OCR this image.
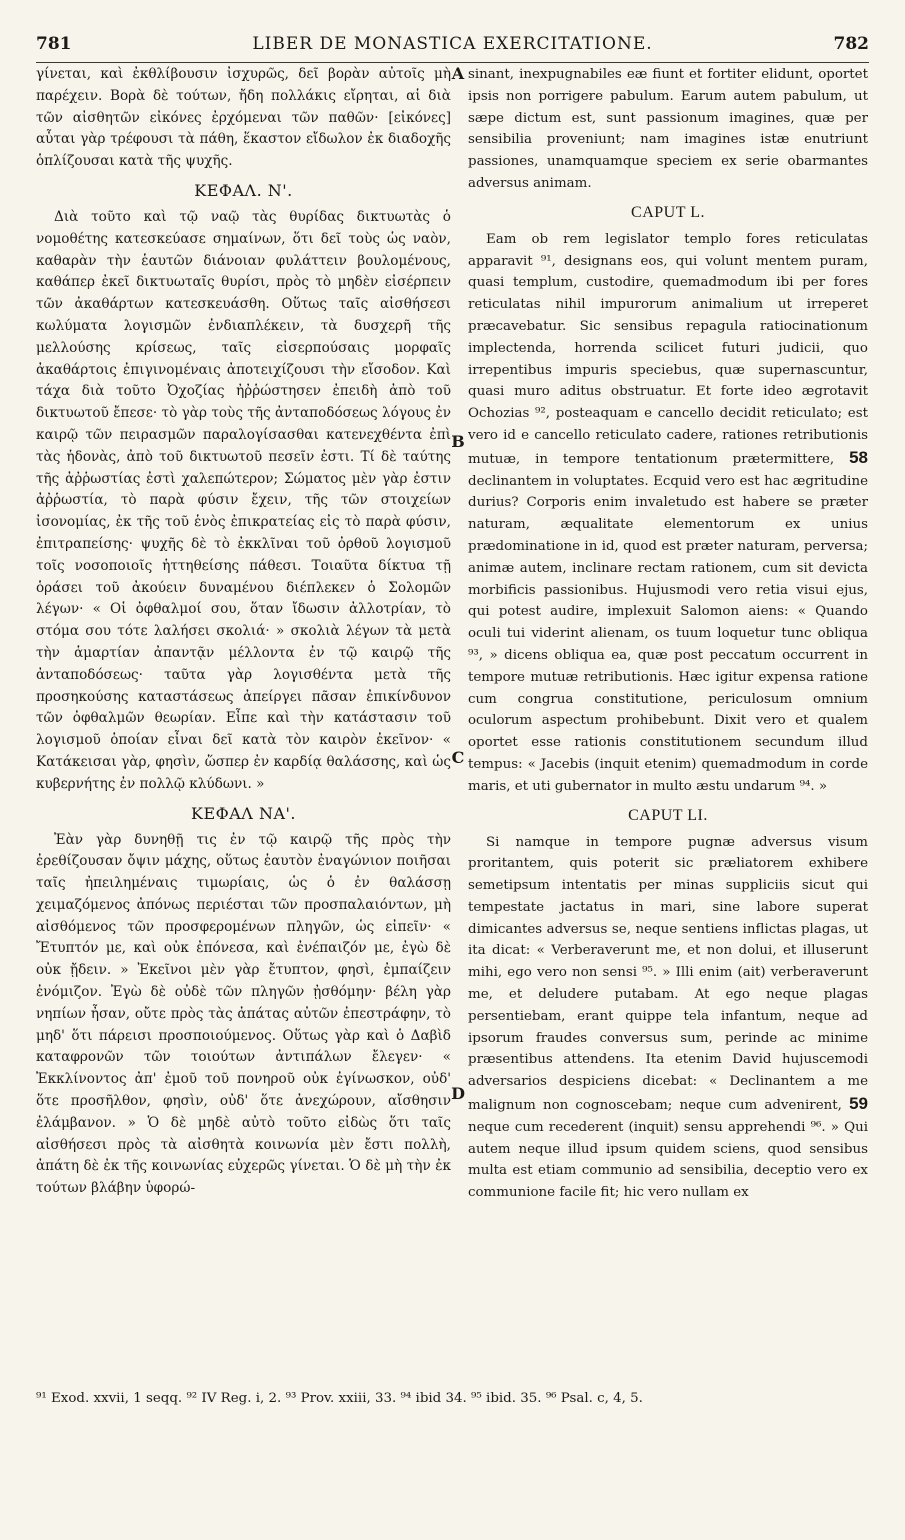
781	LIBER DE MONASTICA EXERCITATIONE.	782

γίνεται, καὶ ἐκθλίβουσιν ἰσχυρῶς, δεῖ βορὰν αὐτοῖς μὴ παρέχειν. Βορὰ δὲ τούτων, ἤδη πολλάκις εἴρηται, αἱ διὰ τῶν αἰσθητῶν εἰκόνες ἐρχόμεναι τῶν παθῶν· [εἰκόνες] αὗται γὰρ τρέφουσι τὰ πάθη, ἕκαστον εἴδωλον ἐκ διαδοχῆς ὁπλίζουσαι κατὰ τῆς ψυχῆς.

ΚΕΦΑΛ. Ν'.

Διὰ τοῦτο καὶ τῷ ναῷ τὰς θυρίδας δικτυωτὰς ὁ νομοθέτης κατεσκεύασε σημαίνων, ὅτι δεῖ τοὺς ὡς ναὸν, καθαρὰν τὴν ἑαυτῶν διάνοιαν φυλάττειν βουλομένους, καθάπερ ἐκεῖ δικτυωταῖς θυρίσι, πρὸς τὸ μηδὲν εἰσέρπειν τῶν ἀκαθάρτων κατεσκευάσθη. Οὕτως ταῖς αἰσθήσεσι κωλύματα λογισμῶν ἐνδιαπλέκειν, τὰ δυσχερῆ τῆς μελλούσης κρίσεως, ταῖς εἰσερπούσαις μορφαῖς ἀκαθάρτοις ἐπιγινομέναις ἀποτειχίζουσι τὴν εἴσοδον. Καὶ τάχα διὰ τοῦτο Ὀχοζίας ἠῤῥώστησεν ἐπειδὴ ἀπὸ τοῦ δικτυωτοῦ ἔπεσε· τὸ γὰρ τοὺς τῆς ἀνταποδόσεως λόγους ἐν καιρῷ τῶν πειρασμῶν παραλογίσασθαι κατενεχθέντα ἐπὶ τὰς ἡδονὰς, ἀπὸ τοῦ δικτυωτοῦ πεσεῖν ἐστι. Τί δὲ ταύτης τῆς ἀῤῥωστίας ἐστὶ χαλεπώτερον; Σώματος μὲν γὰρ ἐστιν ἀῤῥωστία, τὸ παρὰ φύσιν ἔχειν, τῆς τῶν στοιχείων ἰσονομίας, ἐκ τῆς τοῦ ἑνὸς ἐπικρατείας εἰς τὸ παρὰ φύσιν, ἐπιτραπείσης· ψυχῆς δὲ τὸ ἐκκλῖναι τοῦ ὀρθοῦ λογισμοῦ τοῖς νοσοποιοῖς ἡττηθείσης πάθεσι. Τοιαῦτα δίκτυα τῇ ὁράσει τοῦ ἀκούειν δυναμένου διέπλεκεν ὁ Σολομῶν λέγων· « Οἱ ὀφθαλμοί σου, ὅταν ἴδωσιν ἀλλοτρίαν, τὸ στόμα σου τότε λαλήσει σκολιά· » σκολιὰ λέγων τὰ μετὰ τὴν ἁμαρτίαν ἀπαντᾷν μέλλοντα ἐν τῷ καιρῷ τῆς ἀνταποδόσεως· ταῦτα γὰρ λογισθέντα μετὰ τῆς προσηκούσης καταστάσεως ἀπείργει πᾶσαν ἐπικίνδυνον τῶν ὀφθαλμῶν θεωρίαν. Εἶπε καὶ τὴν κατάστασιν τοῦ λογισμοῦ ὁποίαν εἶναι δεῖ κατὰ τὸν καιρὸν ἐκεῖνον· « Κατάκεισαι γὰρ, φησὶν, ὥσπερ ἐν καρδίᾳ θαλάσσης, καὶ ὡς κυβερνήτης ἐν πολλῷ κλύδωνι. »

ΚΕΦΑΛ ΝΑ'.

Ἐὰν γὰρ δυνηθῇ τις ἐν τῷ καιρῷ τῆς πρὸς τὴν ἐρεθίζουσαν ὄψιν μάχης, οὕτως ἑαυτὸν ἐναγώνιον ποιῆσαι ταῖς ἠπειλημέναις τιμωρίαις, ὡς ὁ ἐν θαλάσσῃ χειμαζόμενος ἀπόνως περιέσται τῶν προσπαλαιόντων, μὴ αἰσθόμενος τῶν προσφερομένων πληγῶν, ὡς εἰπεῖν· « Ἔτυπτόν με, καὶ οὐκ ἐπόνεσα, καὶ ἐνέπαιζόν με, ἐγὼ δὲ οὐκ ᾔδειν. » Ἐκεῖνοι μὲν γὰρ ἔτυπτον, φησὶ, ἐμπαίζειν ἐνόμιζον. Ἐγὼ δὲ οὐδὲ τῶν πληγῶν ᾐσθόμην· βέλη γὰρ νηπίων ἦσαν, οὔτε πρὸς τὰς ἀπάτας αὐτῶν ἐπεστράφην, τὸ μηδ' ὅτι πάρεισι προσποιούμενος. Οὕτως γὰρ καὶ ὁ Δαβὶδ καταφρονῶν τῶν τοιούτων ἀντιπάλων ἔλεγεν· « Ἐκκλίνοντος ἀπ' ἐμοῦ τοῦ πονηροῦ οὐκ ἐγίνωσκον, οὐδ' ὅτε προσῆλθον, φησὶν, οὐδ' ὅτε ἀνεχώρουν, αἴσθησιν ἐλάμβανον. » Ὁ δὲ μηδὲ αὐτὸ τοῦτο εἰδὼς ὅτι ταῖς αἰσθήσεσι πρὸς τὰ αἰσθητὰ κοινωνία μὲν ἔστι πολλὴ, ἀπάτη δὲ ἐκ τῆς κοινωνίας εὐχερῶς γίνεται. Ὁ δὲ μὴ τὴν ἐκ τούτων βλάβην ὑφορώ-

A
B
C
D

sinant, inexpugnabiles eæ fiunt et fortiter elidunt, oportet ipsis non porrigere pabulum. Earum autem pabulum, ut sæpe dictum est, sunt passionum imagines, quæ per sensibilia proveniunt; nam imagines istæ enutriunt passiones, unamquamque speciem ex serie obarmantes adversus animam.

CAPUT L.

Eam ob rem legislator templo fores reticulatas apparavit ⁹¹, designans eos, qui volunt mentem puram, quasi templum, custodire, quemadmodum ibi per fores reticulatas nihil impurorum animalium ut irreperet præcavebatur. Sic sensibus repagula ratiocinationum implectenda, horrenda scilicet futuri judicii, quo irrepentibus impuris speciebus, quæ supernascuntur, quasi muro aditus obstruatur. Et forte ideo ægrotavit Ochozias ⁹², posteaquam e cancello decidit reticulato; est vero id e cancello reticulato cadere, rationes retributionis mutuæ, in tempore tentationum prætermittere, 58 declinantem in voluptates. Ecquid vero est hac ægritudine durius? Corporis enim invaletudo est habere se præter naturam, æqualitate elementorum ex unius prædominatione in id, quod est præter naturam, perversa; animæ autem, inclinare rectam rationem, cum sit devicta morbificis passionibus. Hujusmodi vero retia visui ejus, qui potest audire, implexuit Salomon aiens: « Quando oculi tui viderint alienam, os tuum loquetur tunc obliqua ⁹³, » dicens obliqua ea, quæ post peccatum occurrent in tempore mutuæ retributionis. Hæc igitur expensa ratione cum congrua constitutione, periculosum omnium oculorum aspectum prohibebunt. Dixit vero et qualem oportet esse rationis constitutionem secundum illud tempus: « Jacebis (inquit etenim) quemadmodum in corde maris, et uti gubernator in multo æstu undarum ⁹⁴. »

CAPUT LI.

Si namque in tempore pugnæ adversus visum proritantem, quis poterit sic præliatorem exhibere semetipsum intentatis per minas suppliciis sicut qui tempestate jactatus in mari, sine labore superat dimicantes adversus se, neque sentiens inflictas plagas, ut ita dicat: « Verberaverunt me, et non dolui, et illuserunt mihi, ego vero non sensi ⁹⁵. » Illi enim (ait) verberaverunt me, et deludere putabam. At ego neque plagas persentiebam, erant quippe tela infantum, neque ad ipsorum fraudes conversus sum, perinde ac minime præsentibus attendens. Ita etenim David hujuscemodi adversarios despiciens dicebat: « Declinantem a me malignum non cognoscebam; neque cum advenirent, 59 neque cum recederent (inquit) sensu apprehendi ⁹⁶. » Qui autem neque illud ipsum quidem sciens, quod sensibus multa est etiam communio ad sensibilia, deceptio vero ex communione facile fit; hic vero nullam ex

⁹¹ Exod. xxvii, 1 seqq. ⁹² IV Reg. i, 2. ⁹³ Prov. xxiii, 33. ⁹⁴ ibid 34. ⁹⁵ ibid. 35. ⁹⁶ Psal. c, 4, 5.
